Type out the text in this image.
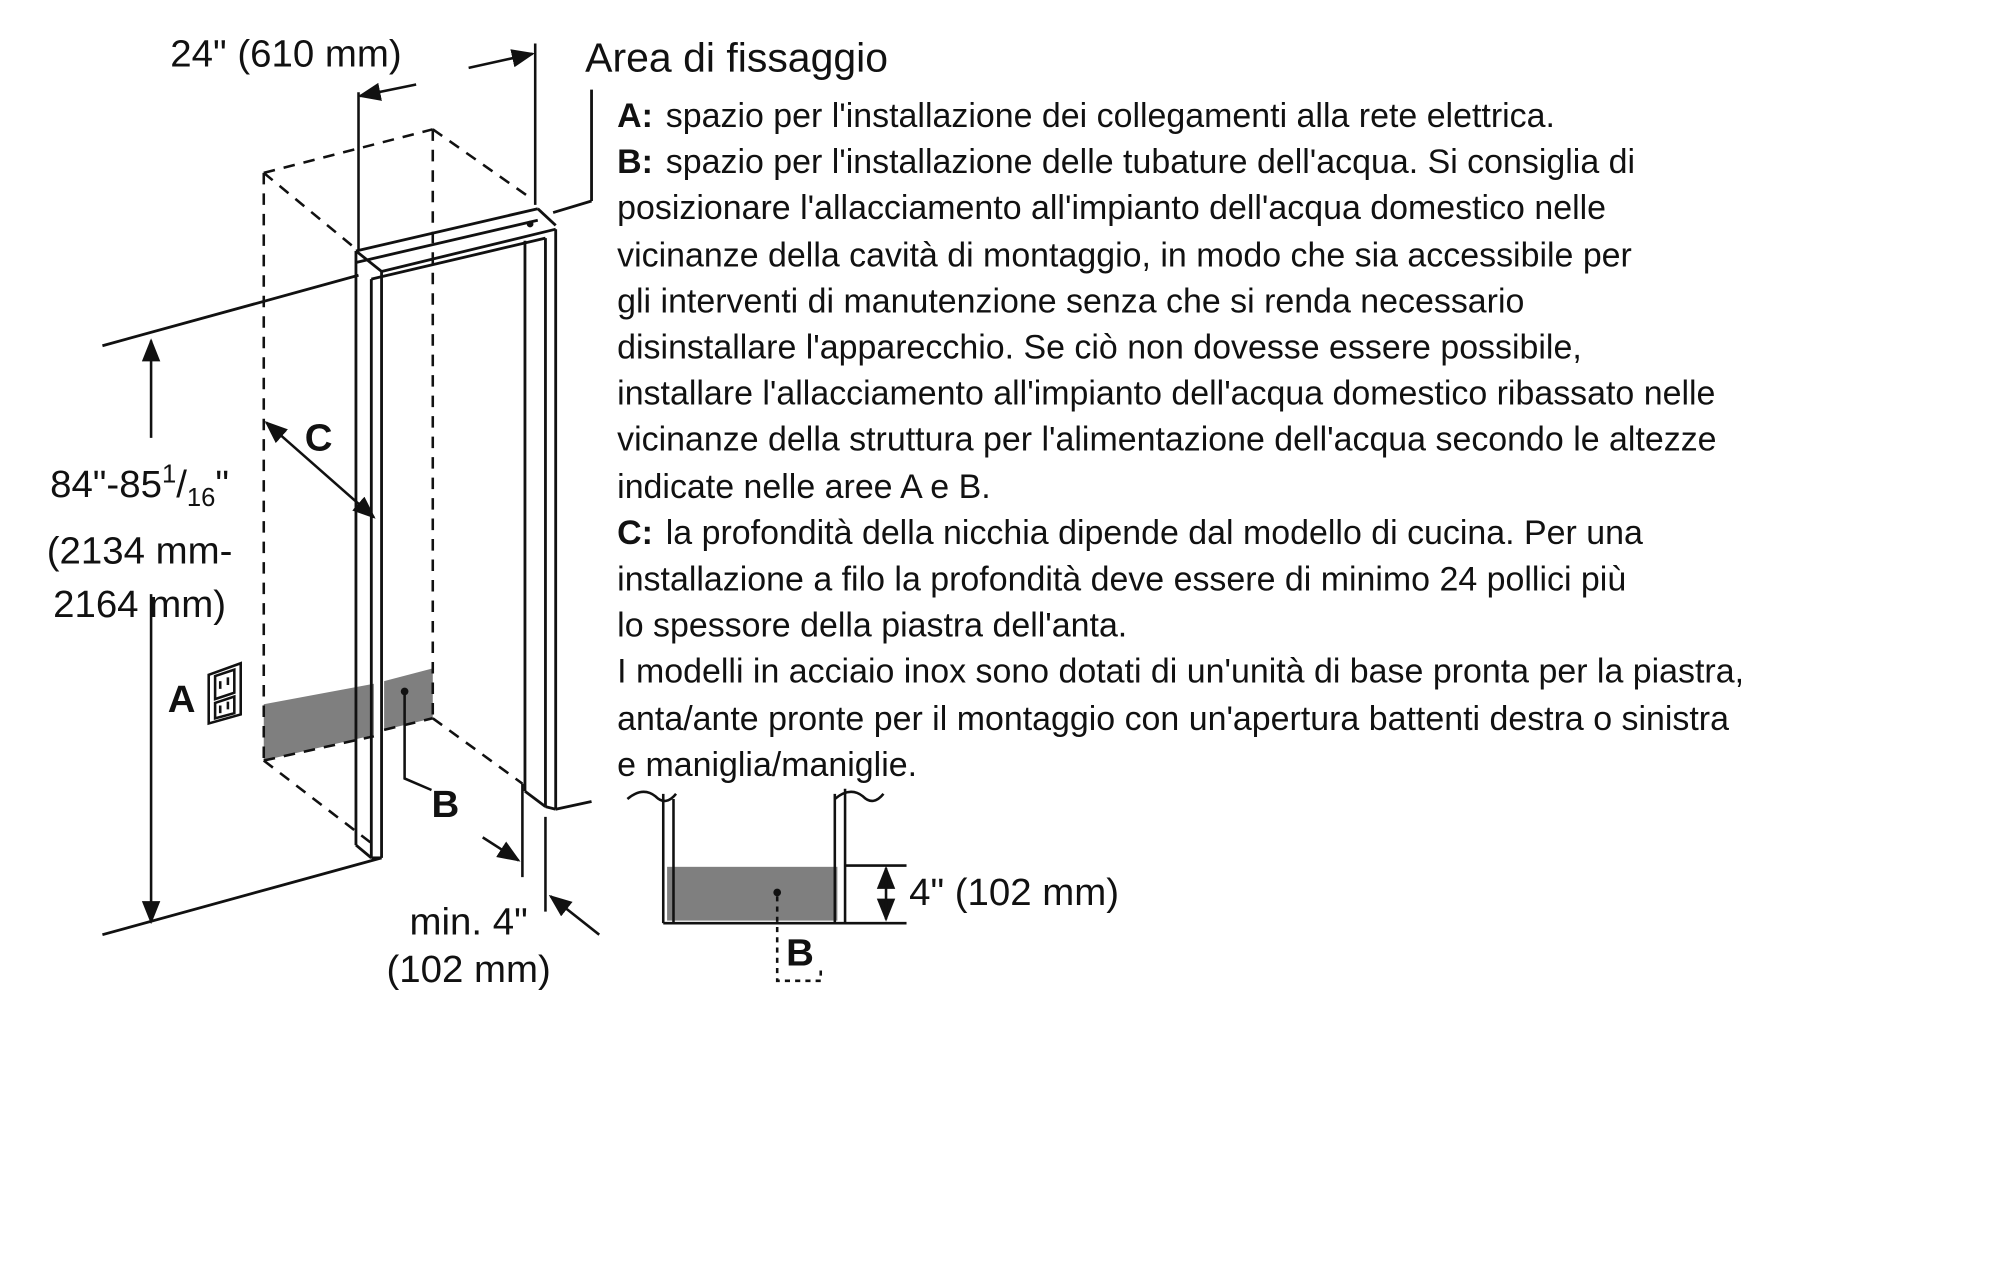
24" (610 mm)	Area di fissaggio
$84"-85^1/_{16}$"
(2134 mm-
2164 mm)
C
A
B
min. 4"
(102 mm)
4" (102 mm)
B

A: spazio per l'installazione dei collegamenti alla rete elettrica.

B: spazio per l'installazione delle tubature dell'acqua. Si consiglia di

posizionare l'allacciamento all'impianto dell'acqua domestico nelle

vicinanze della cavità di montaggio, in modo che sia accessibile per

gli interventi di manutenzione senza che si renda necessario

disinstallare l'apparecchio. Se ciò non dovesse essere possibile,

installare l'allacciamento all'impianto dell'acqua domestico ribassato nelle

vicinanze della struttura per l'alimentazione dell'acqua secondo le altezze

indicate nelle aree A e B.

C: la profondità della nicchia dipende dal modello di cucina. Per una

installazione a filo la profondità deve essere di minimo 24 pollici più

lo spessore della piastra dell'anta.

I modelli in acciaio inox sono dotati di un'unità di base pronta per la piastra,

anta/ante pronte per il montaggio con un'apertura battenti destra o sinistra

e maniglia/maniglie.
